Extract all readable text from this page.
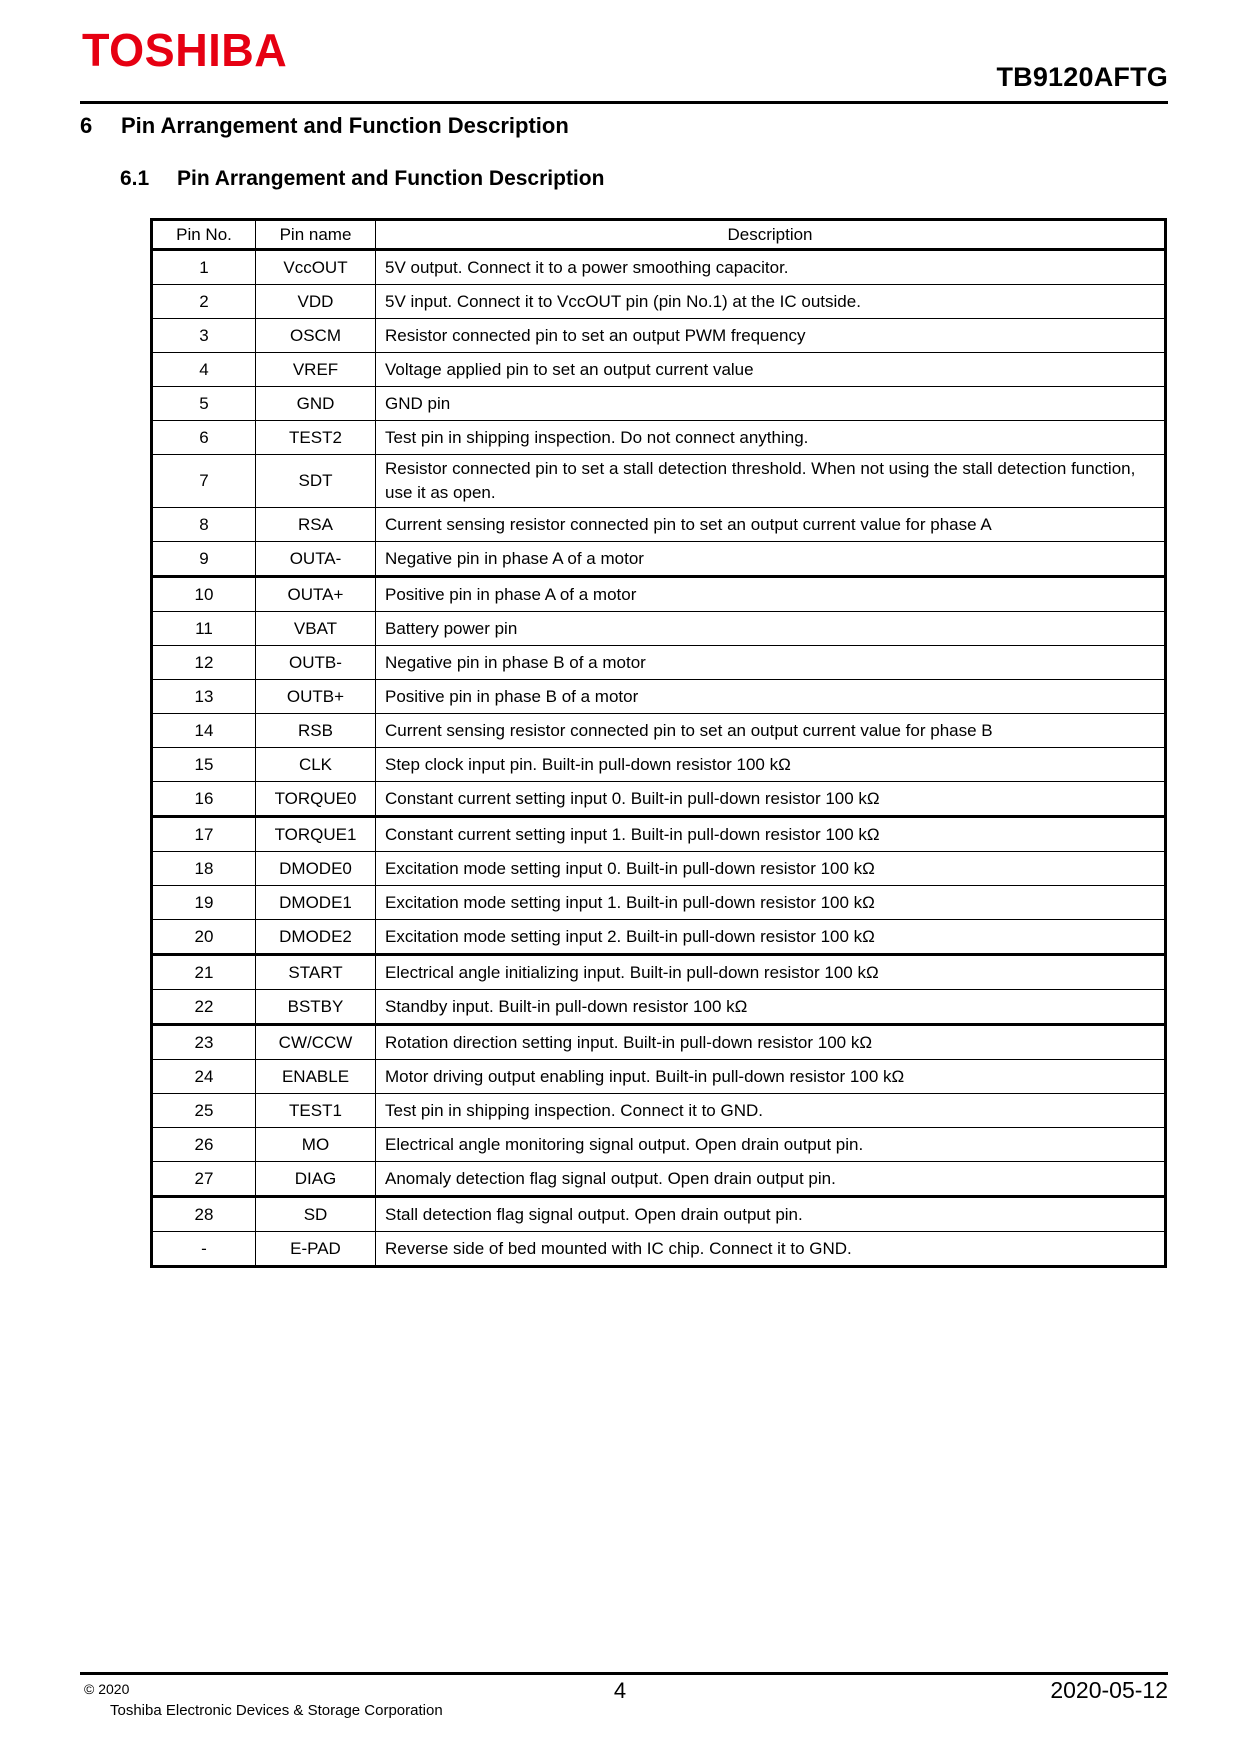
TOSHIBA
TB9120AFTG
6	Pin Arrangement and Function Description
6.1	Pin Arrangement and Function Description
Pin No.	Pin name	Description
1	VccOUT	5V output. Connect it to a power smoothing capacitor.
2	VDD	5V input. Connect it to VccOUT pin (pin No.1) at the IC outside.
3	OSCM	Resistor connected pin to set an output PWM frequency
4	VREF	Voltage applied pin to set an output current value
5	GND	GND pin
6	TEST2	Test pin in shipping inspection. Do not connect anything.
7	SDT	Resistor connected pin to set a stall detection threshold. When not using the stall detection function, use it as open.
8	RSA	Current sensing resistor connected pin to set an output current value for phase A
9	OUTA-	Negative pin in phase A of a motor
10	OUTA+	Positive pin in phase A of a motor
11	VBAT	Battery power pin
12	OUTB-	Negative pin in phase B of a motor
13	OUTB+	Positive pin in phase B of a motor
14	RSB	Current sensing resistor connected pin to set an output current value for phase B
15	CLK	Step clock input pin. Built-in pull-down resistor 100 kΩ
16	TORQUE0	Constant current setting input 0. Built-in pull-down resistor 100 kΩ
17	TORQUE1	Constant current setting input 1. Built-in pull-down resistor 100 kΩ
18	DMODE0	Excitation mode setting input 0. Built-in pull-down resistor 100 kΩ
19	DMODE1	Excitation mode setting input 1. Built-in pull-down resistor 100 kΩ
20	DMODE2	Excitation mode setting input 2. Built-in pull-down resistor 100 kΩ
21	START	Electrical angle initializing input. Built-in pull-down resistor 100 kΩ
22	BSTBY	Standby input. Built-in pull-down resistor 100 kΩ
23	CW/CCW	Rotation direction setting input. Built-in pull-down resistor 100 kΩ
24	ENABLE	Motor driving output enabling input. Built-in pull-down resistor 100 kΩ
25	TEST1	Test pin in shipping inspection. Connect it to GND.
26	MO	Electrical angle monitoring signal output. Open drain output pin.
27	DIAG	Anomaly detection flag signal output. Open drain output pin.
28	SD	Stall detection flag signal output. Open drain output pin.
-	E-PAD	Reverse side of bed mounted with IC chip. Connect it to GND.
© 2020
Toshiba Electronic Devices & Storage Corporation
4	2020-05-12
